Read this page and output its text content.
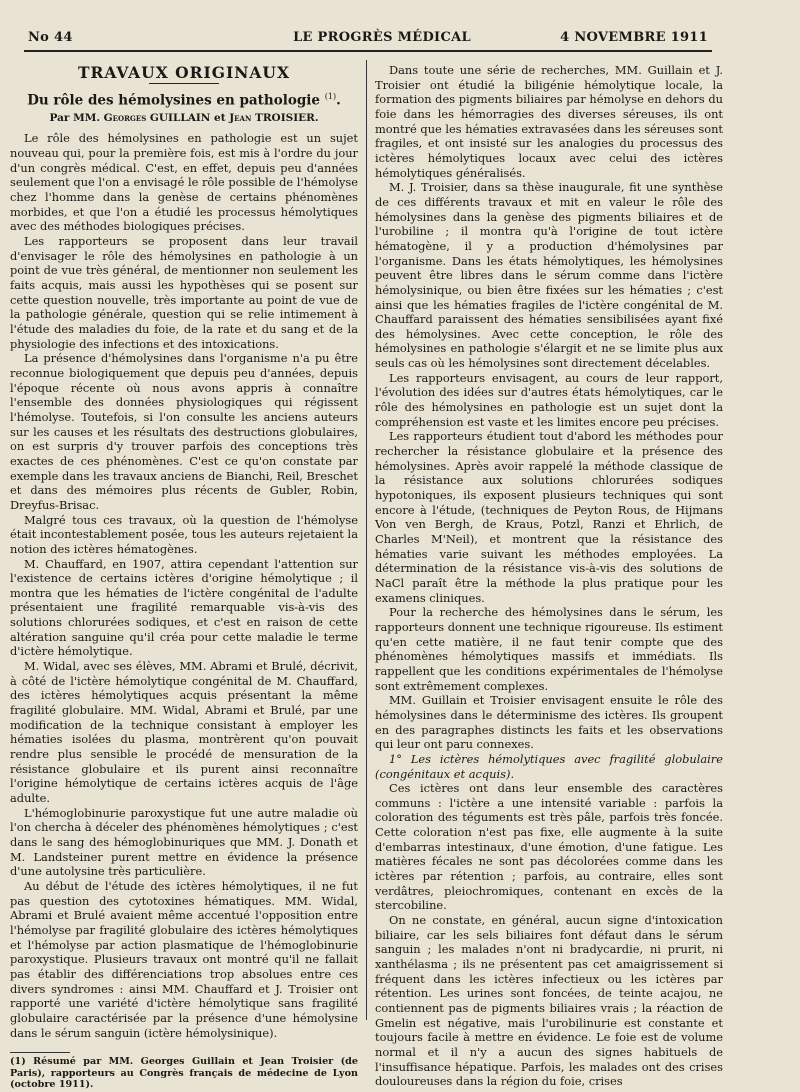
No 44	LE PROGRÈS MÉDICAL	4 NOVEMBRE 1911
TRAVAUX ORIGINAUX
Du rôle des hémolysines en pathologie $^{(1)}$.
Par MM. Georges GUILLAIN et Jean TROISIER.

Le rôle des hémolysines en pathologie est un sujet nouveau qui, pour la première fois, est mis à l'ordre du jour d'un congrès médical. C'est, en effet, depuis peu d'années seulement que l'on a envisagé le rôle possible de l'hémolyse chez l'homme dans la genèse de certains phénomènes morbides, et que l'on a étudié les processus hémolytiques avec des méthodes biologiques précises.

Les rapporteurs se proposent dans leur travail d'envisager le rôle des hémolysines en pathologie à un point de vue très général, de mentionner non seulement les faits acquis, mais aussi les hypothèses qui se posent sur cette question nouvelle, très importante au point de vue de la pathologie générale, question qui se relie intimement à l'étude des maladies du foie, de la rate et du sang et de la physiologie des infections et des intoxications.

La présence d'hémolysines dans l'organisme n'a pu être reconnue biologiquement que depuis peu d'années, depuis l'époque récente où nous avons appris à connaître l'ensemble des données physiologiques qui régissent l'hémolyse. Toutefois, si l'on consulte les anciens auteurs sur les causes et les résultats des destructions globulaires, on est surpris d'y trouver parfois des conceptions très exactes de ces phénomènes. C'est ce qu'on constate par exemple dans les travaux anciens de Bianchi, Reil, Breschet et dans des mémoires plus récents de Gubler, Robin, Dreyfus-Brisac.

Malgré tous ces travaux, où la question de l'hémolyse était incontestablement posée, tous les auteurs rejetaient la notion des ictères hématogènes.

M. Chauffard, en 1907, attira cependant l'attention sur l'existence de certains ictères d'origine hémolytique ; il montra que les hématies de l'ictère congénital de l'adulte présentaient une fragilité remarquable vis-à-vis des solutions chlorurées sodiques, et c'est en raison de cette altération sanguine qu'il créa pour cette maladie le terme d'ictère hémolytique.

M. Widal, avec ses élèves, MM. Abrami et Brulé, décrivit, à côté de l'ictère hémolytique congénital de M. Chauffard, des ictères hémolytiques acquis présentant la même fragilité globulaire. MM. Widal, Abrami et Brulé, par une modification de la technique consistant à employer les hématies isolées du plasma, montrèrent qu'on pouvait rendre plus sensible le procédé de mensuration de la résistance globulaire et ils purent ainsi reconnaître l'origine hémolytique de certains ictères acquis de l'âge adulte.

L'hémoglobinurie paroxystique fut une autre maladie où l'on chercha à déceler des phénomènes hémolytiques ; c'est dans le sang des hémoglobinuriques que MM. J. Donath et M. Landsteiner purent mettre en évidence la présence d'une autolysine très particulière.

Au début de l'étude des ictères hémolytiques, il ne fut pas question des cytotoxines hématiques. MM. Widal, Abrami et Brulé avaient même accentué l'opposition entre l'hémolyse par fragilité globulaire des ictères hémolytiques et l'hémolyse par action plasmatique de l'hémoglobinurie paroxystique. Plusieurs travaux ont montré qu'il ne fallait pas établir des différenciations trop absolues entre ces divers syndromes : ainsi MM. Chauffard et J. Troisier ont rapporté une variété d'ictère hémolytique sans fragilité globulaire caractérisée par la présence d'une hémolysine dans le sérum sanguin (ictère hémolysinique).

(1) Résumé par MM. Georges Guillain et Jean Troisier (de Paris), rapporteurs au Congrès français de médecine de Lyon (octobre 1911).

Dans toute une série de recherches, MM. Guillain et J. Troisier ont étudié la biligénie hémolytique locale, la formation des pigments biliaires par hémolyse en dehors du foie dans les hémorragies des diverses séreuses, ils ont montré que les hématies extravasées dans les séreuses sont fragiles, et ont insisté sur les analogies du processus des ictères hémolytiques locaux avec celui des ictères hémolytiques généralisés.

M. J. Troisier, dans sa thèse inaugurale, fit une synthèse de ces différents travaux et mit en valeur le rôle des hémolysines dans la genèse des pigments biliaires et de l'urobiline ; il montra qu'à l'origine de tout ictère hématogène, il y a production d'hémolysines par l'organisme. Dans les états hémolytiques, les hémolysines peuvent être libres dans le sérum comme dans l'ictère hémolysinique, ou bien être fixées sur les hématies ; c'est ainsi que les hématies fragiles de l'ictère congénital de M. Chauffard paraissent des hématies sensibilisées ayant fixé des hémolysines. Avec cette conception, le rôle des hémolysines en pathologie s'élargit et ne se limite plus aux seuls cas où les hémolysines sont directement décelables.

Les rapporteurs envisagent, au cours de leur rapport, l'évolution des idées sur d'autres états hémolytiques, car le rôle des hémolysines en pathologie est un sujet dont la compréhension est vaste et les limites encore peu précises.

Les rapporteurs étudient tout d'abord les méthodes pour rechercher la résistance globulaire et la présence des hémolysines. Après avoir rappelé la méthode classique de la résistance aux solutions chlorurées sodiques hypotoniques, ils exposent plusieurs techniques qui sont encore à l'étude, (techniques de Peyton Rous, de Hijmans Von ven Bergh, de Kraus, Potzl, Ranzi et Ehrlich, de Charles M'Neil), et montrent que la résistance des hématies varie suivant les méthodes employées. La détermination de la résistance vis-à-vis des solutions de NaCl paraît être la méthode la plus pratique pour les examens cliniques.

Pour la recherche des hémolysines dans le sérum, les rapporteurs donnent une technique rigoureuse. Ils estiment qu'en cette matière, il ne faut tenir compte que des phénomènes hémolytiques massifs et immédiats. Ils rappellent que les conditions expérimentales de l'hémolyse sont extrêmement complexes.

MM. Guillain et Troisier envisagent ensuite le rôle des hémolysines dans le déterminisme des ictères. Ils groupent en des paragraphes distincts les faits et les observations qui leur ont paru connexes.

1° Les ictères hémolytiques avec fragilité globulaire (congénitaux et acquis).

Ces ictères ont dans leur ensemble des caractères communs : l'ictère a une intensité variable : parfois la coloration des téguments est très pâle, parfois très foncée. Cette coloration n'est pas fixe, elle augmente à la suite d'embarras intestinaux, d'une émotion, d'une fatigue. Les matières fécales ne sont pas décolorées comme dans les ictères par rétention ; parfois, au contraire, elles sont verdâtres, pleiochromiques, contenant en excès de la stercobiline.

On ne constate, en général, aucun signe d'intoxication biliaire, car les sels biliaires font défaut dans le sérum sanguin ; les malades n'ont ni bradycardie, ni prurit, ni xanthélasma ; ils ne présentent pas cet amaigrissement si fréquent dans les ictères infectieux ou les ictères par rétention. Les urines sont foncées, de teinte acajou, ne contiennent pas de pigments biliaires vrais ; la réaction de Gmelin est négative, mais l'urobilinurie est constante et toujours facile à mettre en évidence. Le foie est de volume normal et il n'y a aucun des signes habituels de l'insuffisance hépatique. Parfois, les malades ont des crises douloureuses dans la région du foie, crises
